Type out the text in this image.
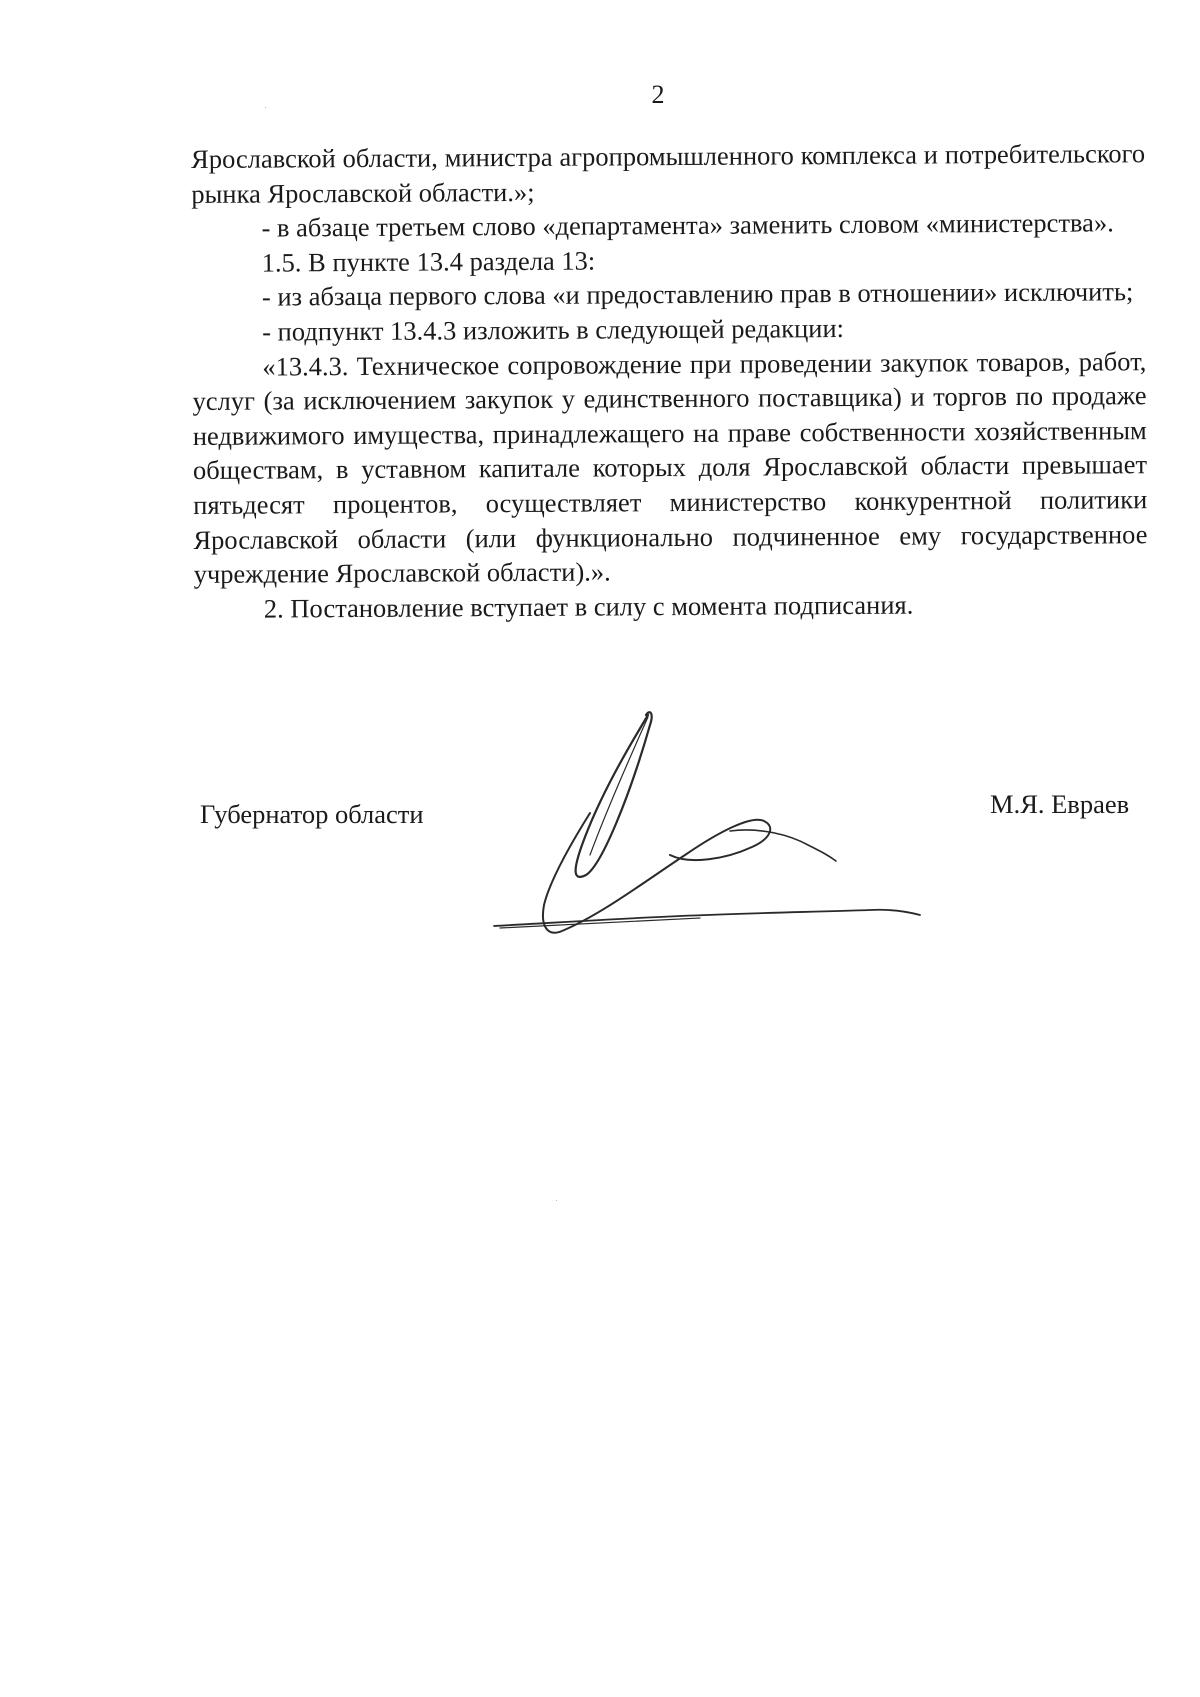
2

Ярославской области, министра агропромышленного комплекса и потребительского рынка Ярославской области.»;

- в абзаце третьем слово «департамента» заменить словом «министерства».

1.5. В пункте 13.4 раздела 13:

- из абзаца первого слова «и предоставлению прав в отношении» исключить;

- подпункт 13.4.3 изложить в следующей редакции:

«13.4.3. Техническое сопровождение при проведении закупок товаров, работ, услуг (за исключением закупок у единственного поставщика) и торгов по продаже недвижимого имущества, принадлежащего на праве собственности хозяйственным обществам, в уставном капитале которых доля Ярославской области превышает пятьдесят процентов, осуществляет министерство конкурентной политики Ярославской области (или функционально подчиненное ему государственное учреждение Ярославской области).».

2. Постановление вступает в силу с момента подписания.

Губернатор области	М.Я. Евраев
